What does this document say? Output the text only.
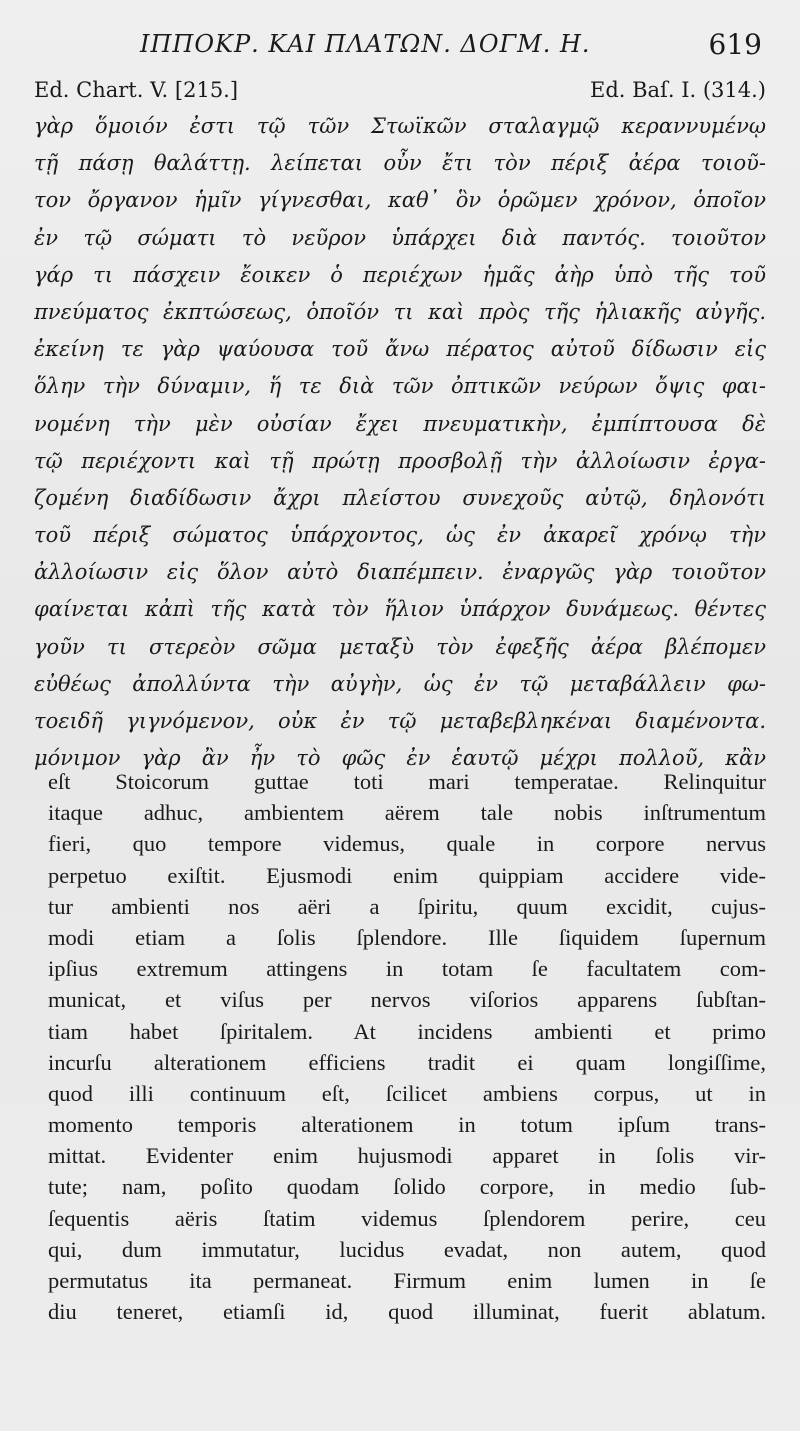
ΙΠΠΟΚΡ. ΚΑΙ ΠΛΑΤΩΝ. ΔΟΓΜ. Η.	619
Ed. Chart. V. [215.]	Ed. Baſ. I. (314.)
γὰρ ὅμοιόν ἐστι τῷ τῶν Στωϊκῶν σταλαγμῷ κεραννυμένῳ
τῇ πάσῃ θαλάττῃ. λείπεται οὖν ἔτι τὸν πέριξ ἀέρα τοιοῦ-
τον ὄργανον ἡμῖν γίγνεσθαι, καθ᾽ ὃν ὁρῶμεν χρόνον, ὁποῖον
ἐν τῷ σώματι τὸ νεῦρον ὑπάρχει διὰ παντός. τοιοῦτον
γάρ τι πάσχειν ἔοικεν ὁ περιέχων ἡμᾶς ἀὴρ ὑπὸ τῆς τοῦ
πνεύματος ἐκπτώσεως, ὁποῖόν τι καὶ πρὸς τῆς ἡλιακῆς αὐγῆς.
ἐκείνη τε γὰρ ψαύουσα τοῦ ἄνω πέρατος αὐτοῦ δίδωσιν εἰς
ὅλην τὴν δύναμιν, ἥ τε διὰ τῶν ὀπτικῶν νεύρων ὄψις φαι-
νομένη τὴν μὲν οὐσίαν ἔχει πνευματικὴν, ἐμπίπτουσα δὲ
τῷ περιέχοντι καὶ τῇ πρώτῃ προσβολῇ τὴν ἀλλοίωσιν ἐργα-
ζομένη διαδίδωσιν ἄχρι πλείστου συνεχοῦς αὐτῷ, δηλονότι
τοῦ πέριξ σώματος ὑπάρχοντος, ὡς ἐν ἀκαρεῖ χρόνῳ τὴν
ἀλλοίωσιν εἰς ὅλον αὐτὸ διαπέμπειν. ἐναργῶς γὰρ τοιοῦτον
φαίνεται κἀπὶ τῆς κατὰ τὸν ἥλιον ὑπάρχον δυνάμεως. θέντες
γοῦν τι στερεὸν σῶμα μεταξὺ τὸν ἐφεξῆς ἀέρα βλέπομεν
εὐθέως ἀπολλύντα τὴν αὐγὴν, ὡς ἐν τῷ μεταβάλλειν φω-
τοειδῆ γιγνόμενον, οὐκ ἐν τῷ μεταβεβληκέναι διαμένοντα.
μόνιμον γὰρ ἂν ἦν τὸ φῶς ἐν ἑαυτῷ μέχρι πολλοῦ, κἂν
eſt Stoicorum guttae toti mari temperatae. Relinquitur
itaque adhuc, ambientem aërem tale nobis inſtrumentum
fieri, quo tempore videmus, quale in corpore nervus
perpetuo exiſtit. Ejusmodi enim quippiam accidere vide-
tur ambienti nos aëri a ſpiritu, quum excidit, cujus-
modi etiam a ſolis ſplendore. Ille ſiquidem ſupernum
ipſius extremum attingens in totam ſe facultatem com-
municat, et viſus per nervos viſorios apparens ſubſtan-
tiam habet ſpiritalem. At incidens ambienti et primo
incurſu alterationem efficiens tradit ei quam longiſſime,
quod illi continuum eſt, ſcilicet ambiens corpus, ut in
momento temporis alterationem in totum ipſum trans-
mittat. Evidenter enim hujusmodi apparet in ſolis vir-
tute; nam, poſito quodam ſolido corpore, in medio ſub-
ſequentis aëris ſtatim videmus ſplendorem perire, ceu
qui, dum immutatur, lucidus evadat, non autem, quod
permutatus ita permaneat. Firmum enim lumen in ſe
diu teneret, etiamſi id, quod illuminat, fuerit ablatum.
